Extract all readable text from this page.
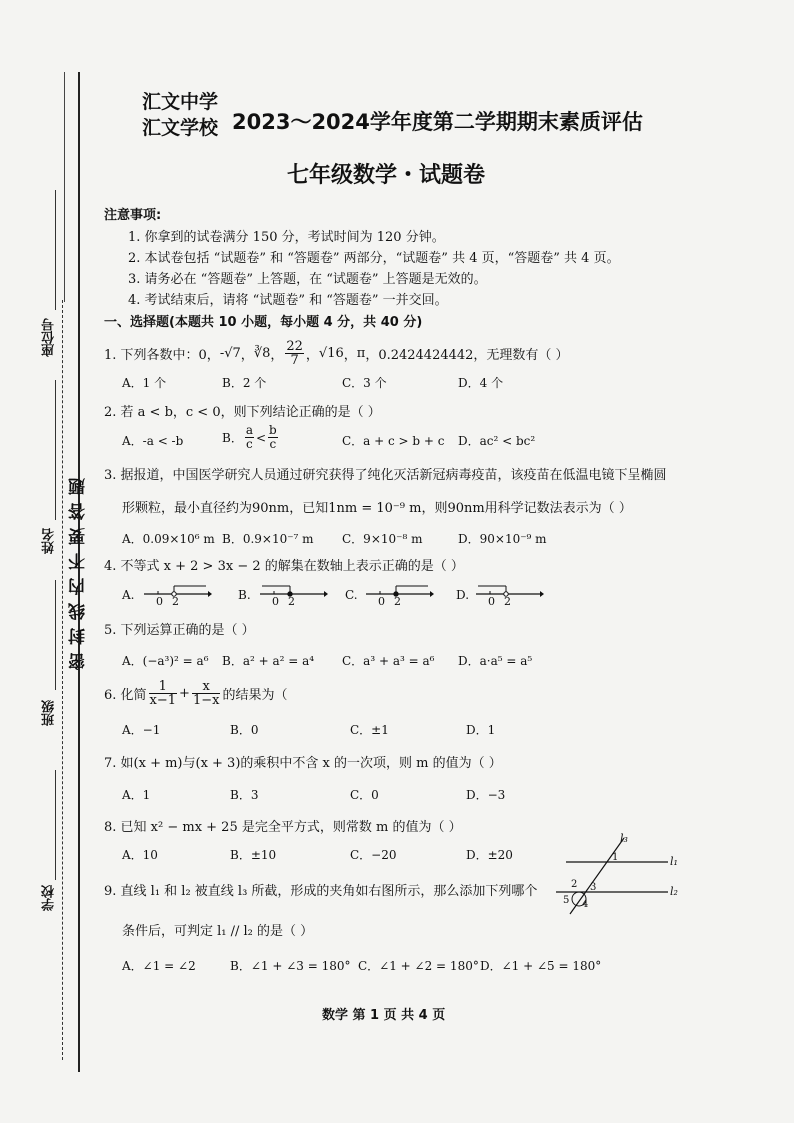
座位号
姓名
班级
学校
密封线内不要答题
汇文中学
汇文学校 2023～2024学年度第二学期期末素质评估
七年级数学・试题卷
注意事项:
1. 你拿到的试卷满分 150 分，考试时间为 120 分钟。
2. 本试卷包括 “试题卷” 和 “答题卷” 两部分，“试题卷” 共 4 页，“答题卷” 共 4 页。
3. 请务必在 “答题卷” 上答题，在 “试题卷” 上答题是无效的。
4. 考试结束后，请将 “试题卷” 和 “答题卷” 一并交回。
一、选择题(本题共 10 小题，每小题 4 分，共 40 分)
1. 下列各数中：0， -√7 ， ∛8 ， $\frac{22}{7}$ ， √16 ， π ，0.2424424442，无理数有（ ）
A．1 个	B．2 个	C．3 个	D．4 个
2. 若 a < b，c < 0，则下列结论正确的是（ ）
A．-a < -b	B． $\frac{a}{c} < \frac{b}{c}$	C．a + c > b + c D．ac² < bc²
3. 据报道，中国医学研究人员通过研究获得了纯化灭活新冠病毒疫苗，该疫苗在低温电镜下呈椭圆
形颗粒，最小直径约为90nm，已知1nm = 10⁻⁹ m，则90nm用科学记数法表示为（ ）
A．0.09×10⁶ m B．0.9×10⁻⁷ m C．9×10⁻⁸ m	D．90×10⁻⁹ m
4. 不等式 x + 2 > 3x − 2 的解集在数轴上表示正确的是（ ）
A. 0 2	B. 0 2	C. 0 2	D. 0 2
5. 下列运算正确的是（ ）
A．(−a³)² = a⁶ B．a² + a² = a⁴ C．a³ + a³ = a⁶ D．a·a⁵ = a⁵
6. 化简 $\frac{1}{x-1} + \frac{x}{1-x}$ 的结果为（
A．−1	B．0	C．±1	D．1
7. 如(x + m)与(x + 3)的乘积中不含 x 的一次项，则 m 的值为（ ）
A．1	B．3	C．0	D．−3
8. 已知 x² − mx + 25 是完全平方式，则常数 m 的值为（ ）
A．10	B．±10	C．−20	D．±20
9. 直线 l₁ 和 l₂ 被直线 l₃ 所截，形成的夹角如右图所示，那么添加下列哪个
条件后，可判定 l₁ // l₂ 的是（ ）
A．∠1 = ∠2	B．∠1 + ∠3 = 180° C．∠1 + ∠2 = 180° D．∠1 + ∠5 = 180°
l₃
l₁
l₂
1
2 3
4
5
数学 第 1 页 共 4 页
